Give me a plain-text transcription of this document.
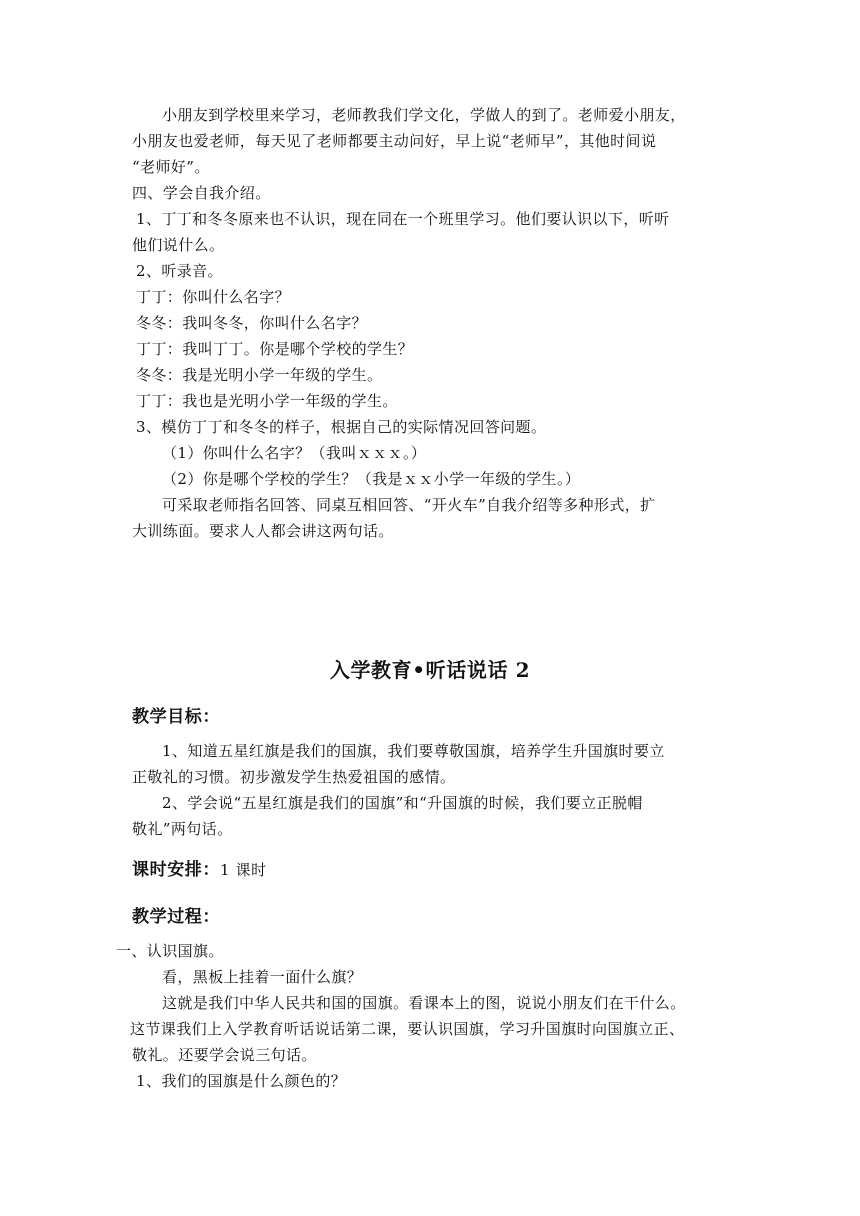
小朋友到学校里来学习，老师教我们学文化，学做人的到了。老师爱小朋友，
小朋友也爱老师，每天见了老师都要主动问好，早上说“老师早”，其他时间说
“老师好”。
四、学会自我介绍。
1、丁丁和冬冬原来也不认识，现在同在一个班里学习。他们要认识以下，听听
他们说什么。
2、听录音。
丁丁：你叫什么名字？
冬冬：我叫冬冬，你叫什么名字？
丁丁：我叫丁丁。你是哪个学校的学生？
冬冬：我是光明小学一年级的学生。
丁丁：我也是光明小学一年级的学生。
3、模仿丁丁和冬冬的样子，根据自己的实际情况回答问题。
（1）你叫什么名字？（我叫ｘｘｘ。）
（2）你是哪个学校的学生？（我是ｘｘ小学一年级的学生。）
可采取老师指名回答、同桌互相回答、“开火车”自我介绍等多种形式，扩
大训练面。要求人人都会讲这两句话。
入学教育•听话说话 2
教学目标：
1、知道五星红旗是我们的国旗，我们要尊敬国旗，培养学生升国旗时要立
正敬礼的习惯。初步激发学生热爱祖国的感情。
2、学会说“五星红旗是我们的国旗”和“升国旗的时候，我们要立正脱帽
敬礼”两句话。
课时安排：1 课时
教学过程：
一、认识国旗。
看，黑板上挂着一面什么旗？
这就是我们中华人民共和国的国旗。看课本上的图，说说小朋友们在干什么。
这节课我们上入学教育听话说话第二课，要认识国旗，学习升国旗时向国旗立正、
敬礼。还要学会说三句话。
1、我们的国旗是什么颜色的？
